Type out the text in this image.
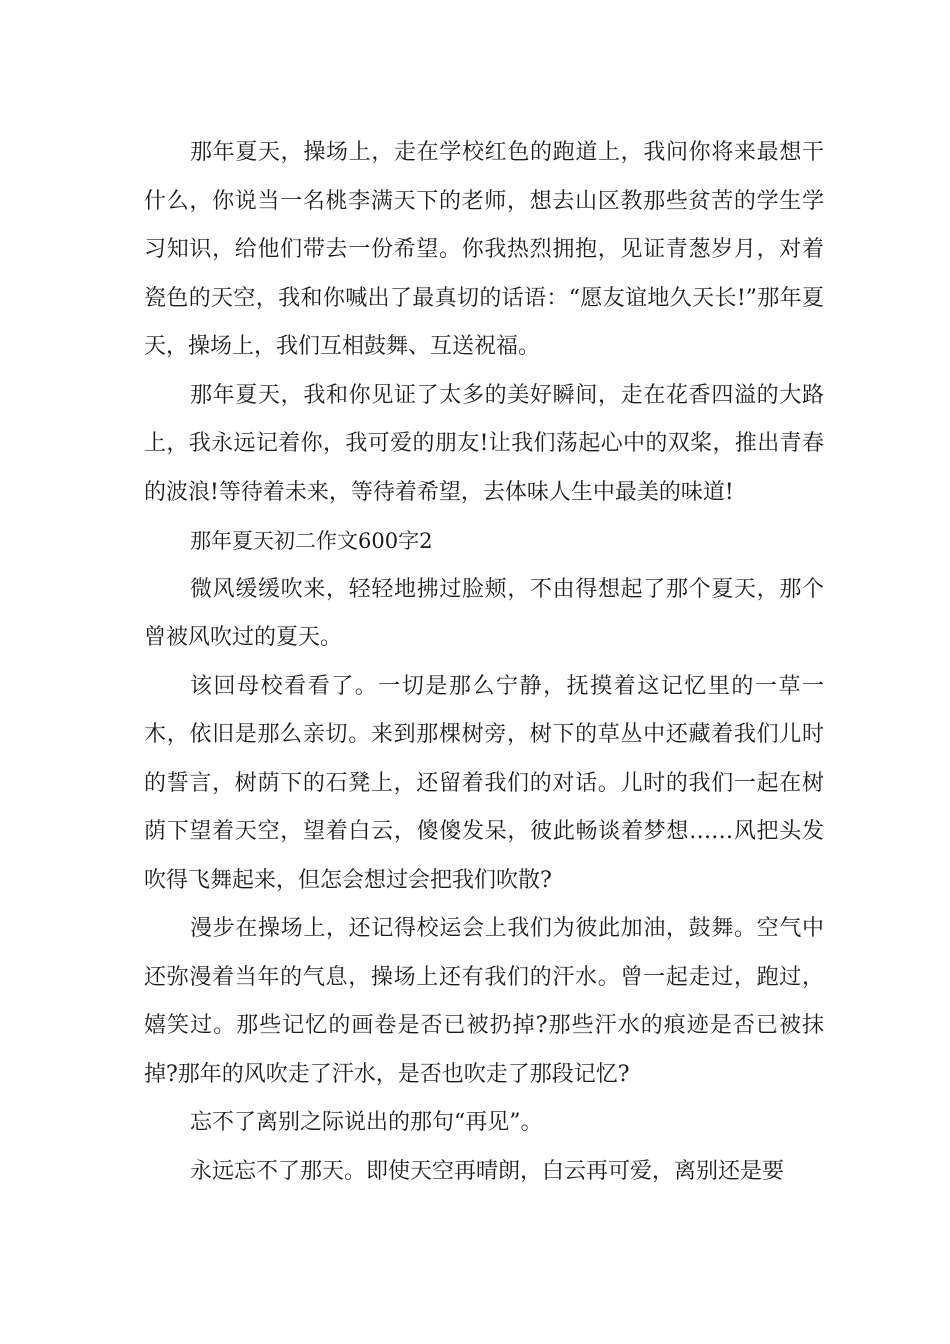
那年夏天，操场上，走在学校红色的跑道上，我问你将来最想干什么，你说当一名桃李满天下的老师，想去山区教那些贫苦的学生学习知识，给他们带去一份希望。你我热烈拥抱，见证青葱岁月，对着瓷色的天空，我和你喊出了最真切的话语：“愿友谊地久天长!”那年夏天，操场上，我们互相鼓舞、互送祝福。

那年夏天，我和你见证了太多的美好瞬间，走在花香四溢的大路上，我永远记着你，我可爱的朋友!让我们荡起心中的双桨，推出青春的波浪!等待着未来，等待着希望，去体味人生中最美的味道!

那年夏天初二作文600字2

微风缓缓吹来，轻轻地拂过脸颊，不由得想起了那个夏天，那个曾被风吹过的夏天。

该回母校看看了。一切是那么宁静，抚摸着这记忆里的一草一木，依旧是那么亲切。来到那棵树旁，树下的草丛中还藏着我们儿时的誓言，树荫下的石凳上，还留着我们的对话。儿时的我们一起在树荫下望着天空，望着白云，傻傻发呆，彼此畅谈着梦想……风把头发吹得飞舞起来，但怎会想过会把我们吹散?

漫步在操场上，还记得校运会上我们为彼此加油，鼓舞。空气中还弥漫着当年的气息，操场上还有我们的汗水。曾一起走过，跑过，嬉笑过。那些记忆的画卷是否已被扔掉?那些汗水的痕迹是否已被抹掉?那年的风吹走了汗水，是否也吹走了那段记忆?

忘不了离别之际说出的那句“再见”。

永远忘不了那天。即使天空再晴朗，白云再可爱，离别还是要
